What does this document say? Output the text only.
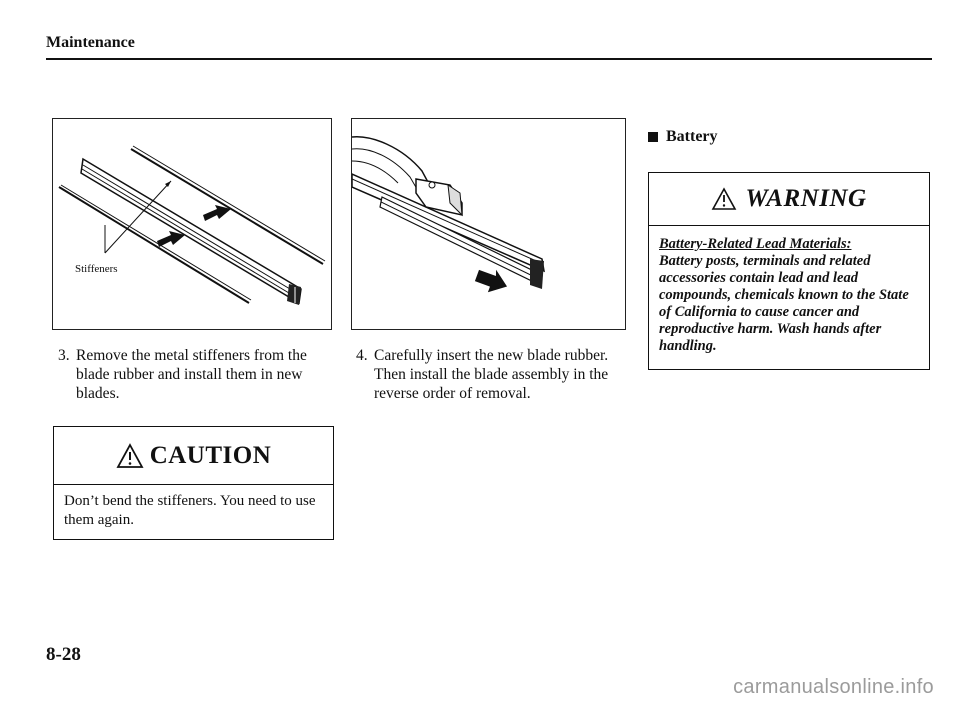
Maintenance
Stiffeners
3. Remove the metal stiffeners from the blade rubber and install them in new blades.
4. Carefully insert the new blade rubber. Then install the blade assembly in the reverse order of removal.
CAUTION
Don’t bend the stiffeners. You need to use them again.
Battery
WARNING
Battery-Related Lead Materials:
Battery posts, terminals and related accessories contain lead and lead compounds, chemicals known to the State of California to cause cancer and reproductive harm. Wash hands after handling.
8-28
carmanualsonline.info
